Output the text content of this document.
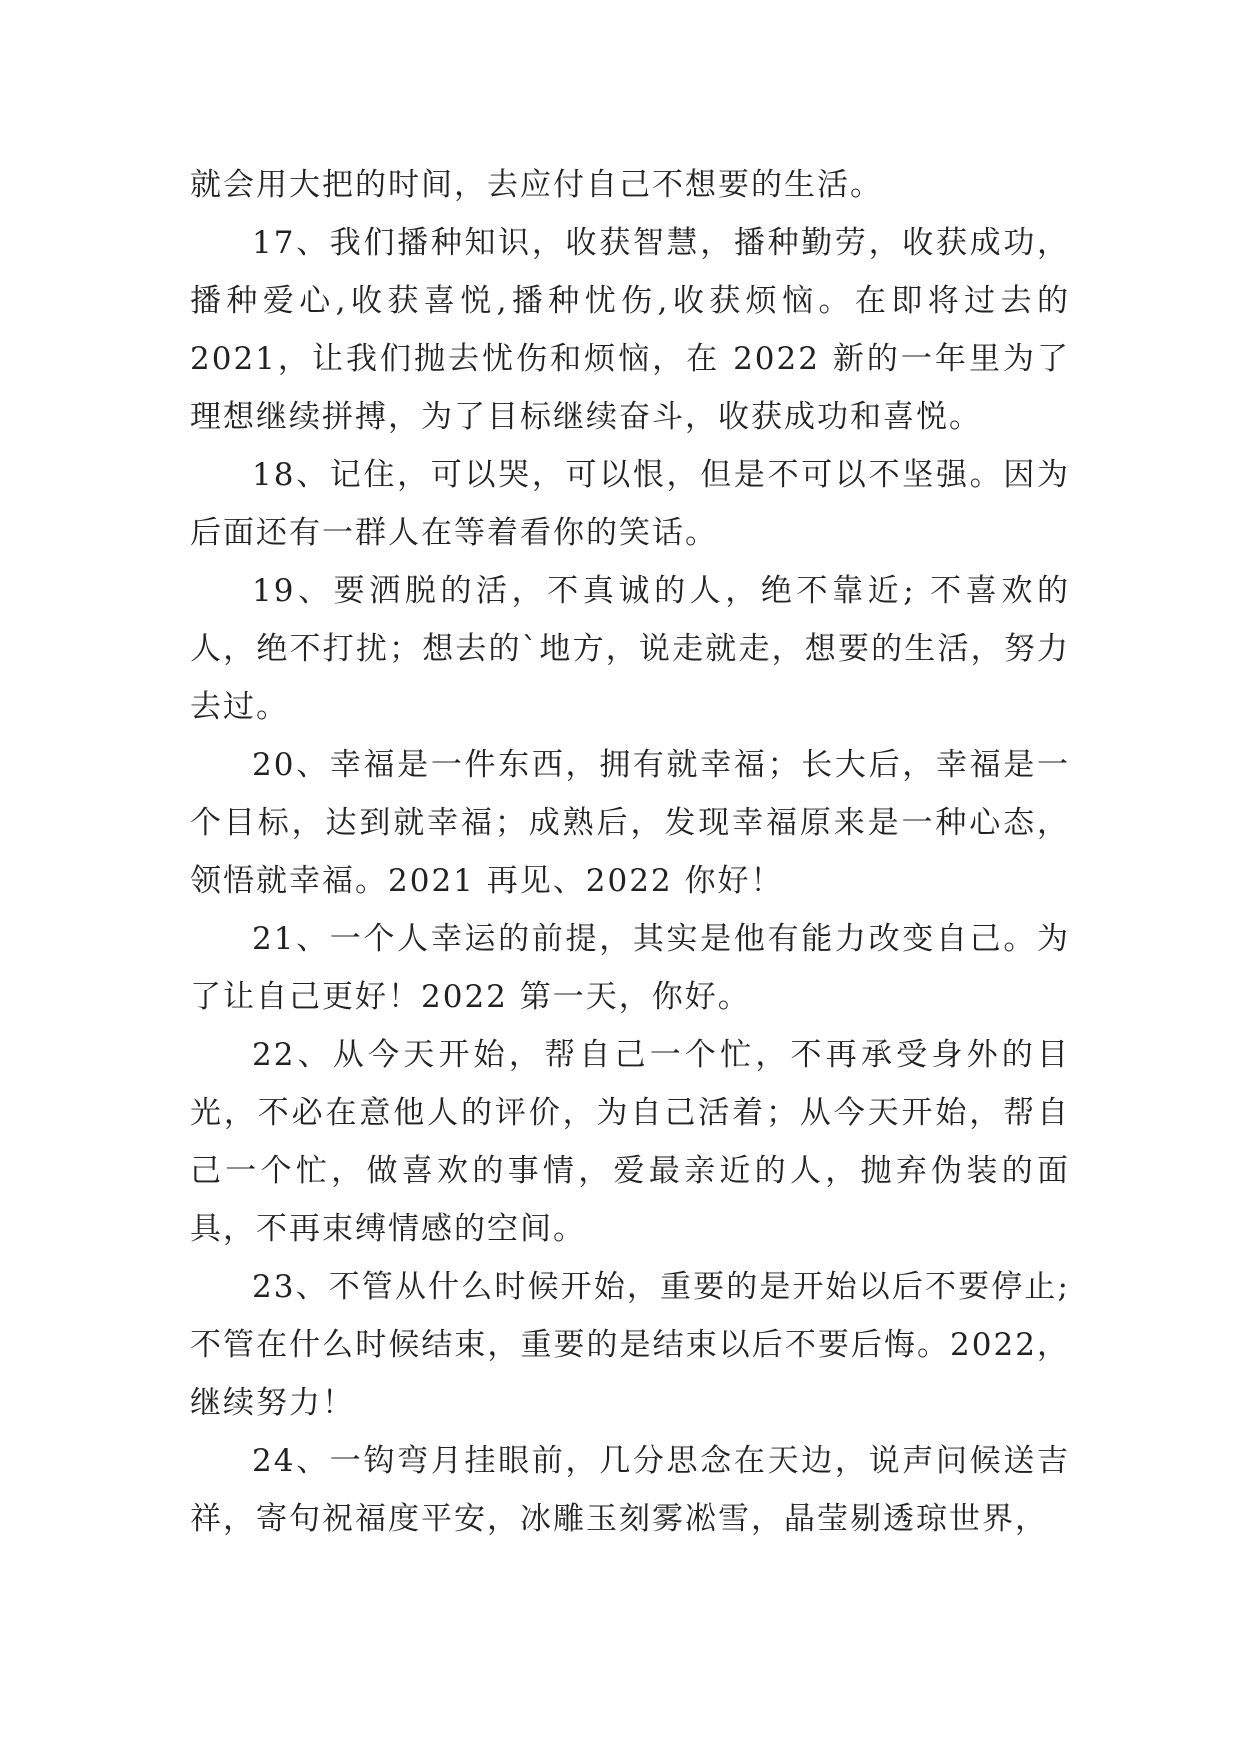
就会用大把的时间，去应付自己不想要的生活。

17、我们播种知识，收获智慧，播种勤劳，收获成功，播种爱心,收获喜悦,播种忧伤,收获烦恼。在即将过去的2021，让我们抛去忧伤和烦恼，在 2022 新的一年里为了理想继续拼搏，为了目标继续奋斗，收获成功和喜悦。

18、记住，可以哭，可以恨，但是不可以不坚强。因为后面还有一群人在等着看你的笑话。

19、要洒脱的活，不真诚的人，绝不靠近; 不喜欢的人，绝不打扰；想去的`地方，说走就走，想要的生活，努力去过。

20、幸福是一件东西，拥有就幸福；长大后，幸福是一个目标，达到就幸福；成熟后，发现幸福原来是一种心态，领悟就幸福。2021 再见、2022 你好！

21、一个人幸运的前提，其实是他有能力改变自己。为了让自己更好！2022 第一天，你好。

22、从今天开始，帮自己一个忙，不再承受身外的目光，不必在意他人的评价，为自己活着；从今天开始，帮自己一个忙，做喜欢的事情，爱最亲近的人，抛弃伪装的面具，不再束缚情感的空间。

23、不管从什么时候开始，重要的是开始以后不要停止; 不管在什么时候结束，重要的是结束以后不要后悔。2022，继续努力！

24、一钩弯月挂眼前，几分思念在天边，说声问候送吉祥，寄句祝福度平安，冰雕玉刻雾凇雪，晶莹剔透琼世界，
